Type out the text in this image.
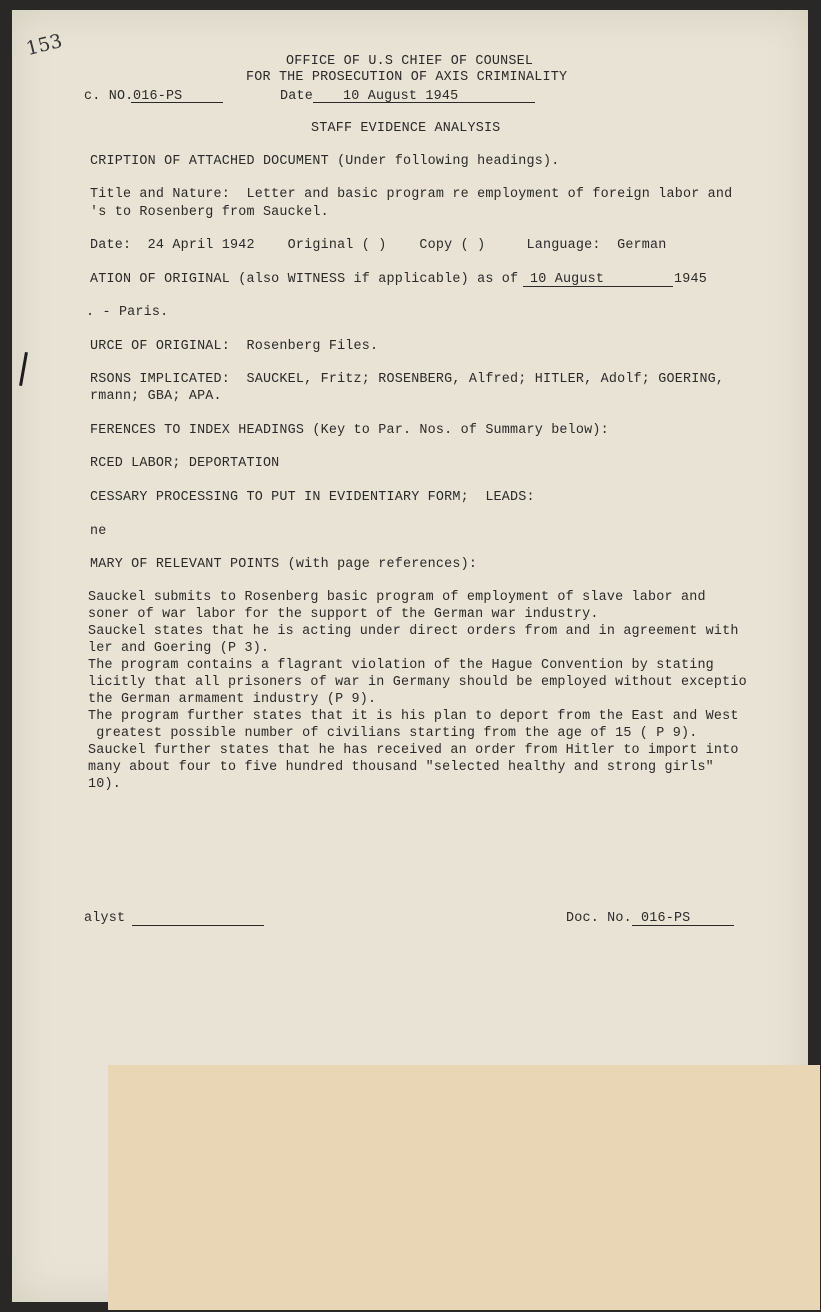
153
OFFICE OF U.S CHIEF OF COUNSEL
FOR THE PROSECUTION OF AXIS CRIMINALITY
c. NO. 016-PS	Date 10 August 1945
STAFF EVIDENCE ANALYSIS
CRIPTION OF ATTACHED DOCUMENT (Under following headings).
Title and Nature:  Letter and basic program re employment of foreign labor and
's to Rosenberg from Sauckel.
Date:  24 April 1942    Original ( )    Copy ( )     Language:  German
ATION OF ORIGINAL (also WITNESS if applicable) as of 10 August	1945
. - Paris.
URCE OF ORIGINAL:  Rosenberg Files.
RSONS IMPLICATED:  SAUCKEL, Fritz; ROSENBERG, Alfred; HITLER, Adolf; GOERING,
rmann; GBA; APA.
FERENCES TO INDEX HEADINGS (Key to Par. Nos. of Summary below):
RCED LABOR; DEPORTATION
CESSARY PROCESSING TO PUT IN EVIDENTIARY FORM;  LEADS:
ne
MARY OF RELEVANT POINTS (with page references):
Sauckel submits to Rosenberg basic program of employment of slave labor and
soner of war labor for the support of the German war industry.
Sauckel states that he is acting under direct orders from and in agreement with
ler and Goering (P 3).
The program contains a flagrant violation of the Hague Convention by stating
licitly that all prisoners of war in Germany should be employed without exceptio
the German armament industry (P 9).
The program further states that it is his plan to deport from the East and West
greatest possible number of civilians starting from the age of 15 ( P 9).
Sauckel further states that he has received an order from Hitler to import into
many about four to five hundred thousand "selected healthy and strong girls"
10).
alyst	Doc. No. 016-PS
